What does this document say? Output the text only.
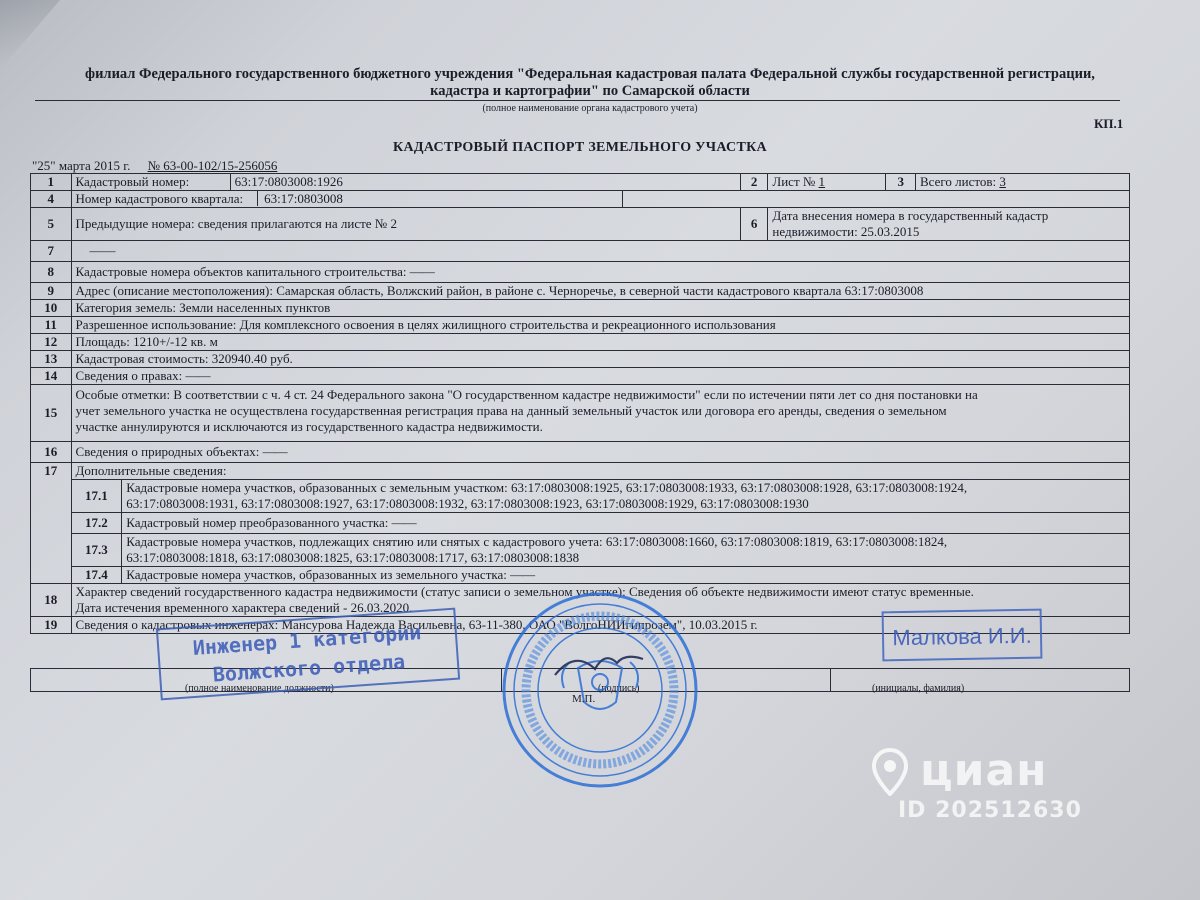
филиал Федерального государственного бюджетного учреждения "Федеральная кадастровая палата Федеральной службы государственной регистрации,
кадастра и картографии" по Самарской области
(полное наименование органа кадастрового учета)
КП.1
КАДАСТРОВЫЙ ПАСПОРТ ЗЕМЕЛЬНОГО УЧАСТКА
"25" марта 2015 г. № 63-00-102/15-256056
1	Кадастровый номер:		63:17:0803008:1926		2	Лист № 1	3	Всего листов: 3
4	Номер кадастрового квартала: 63:17:0803008							
5	Предыдущие номера: сведения прилагаются на листе № 2				6	Дата внесения номера в государственный кадастр недвижимости: 25.03.2015		
7	——							
8	Кадастровые номера объектов капитального строительства: ——							
9	Адрес (описание местоположения): Самарская область, Волжский район, в районе с. Черноречье, в северной части кадастрового квартала 63:17:0803008							
10	Категория земель: Земли населенных пунктов							
11	Разрешенное использование: Для комплексного освоения в целях жилищного строительства и рекреационного использования							
12	Площадь: 1210+/-12 кв. м							
13	Кадастровая стоимость: 320940.40 руб.							
14	Сведения о правах: ——							
15	Особые отметки: В соответствии с ч. 4 ст. 24 Федерального закона "О государственном кадастре недвижимости" если по истечении пяти лет со дня постановки на
учет земельного участка не осуществлена государственная регистрация права на данный земельный участок или договора его аренды, сведения о земельном
участке аннулируются и исключаются из государственного кадастра недвижимости.							

16	Сведения о природных объектах: ——							
17	Дополнительные сведения:							
	17.1	Кадастровые номера участков, образованных с земельным участком: 63:17:0803008:1925, 63:17:0803008:1933, 63:17:0803008:1928, 63:17:0803008:1924,
63:17:0803008:1931, 63:17:0803008:1927, 63:17:0803008:1932, 63:17:0803008:1923, 63:17:0803008:1929, 63:17:0803008:1930						

	17.2	Кадастровый номер преобразованного участка: ——						
	17.3	Кадастровые номера участков, подлежащих снятию или снятых с кадастрового учета: 63:17:0803008:1660, 63:17:0803008:1819, 63:17:0803008:1824,
63:17:0803008:1818, 63:17:0803008:1825, 63:17:0803008:1717, 63:17:0803008:1838						

	17.4	Кадастровые номера участков, образованных из земельного участка: ——						
18	Характер сведений государственного кадастра недвижимости (статус записи о земельном участке): Сведения об объекте недвижимости имеют статус временные.
Дата истечения временного характера сведений - 26.03.2020.							

19	Сведения о кадастровых инженерах: Мансурова Надежда Васильевна, 63-11-380, ОАО "ВолгоНИИгипрозем", 10.03.2015 г.							
(полное наименование должности)	(подпись)	(инициалы, фамилия)
Инженер 1 категории
Волжского отдела
Малкова И.И.
М.П.
циан
ID 202512630
